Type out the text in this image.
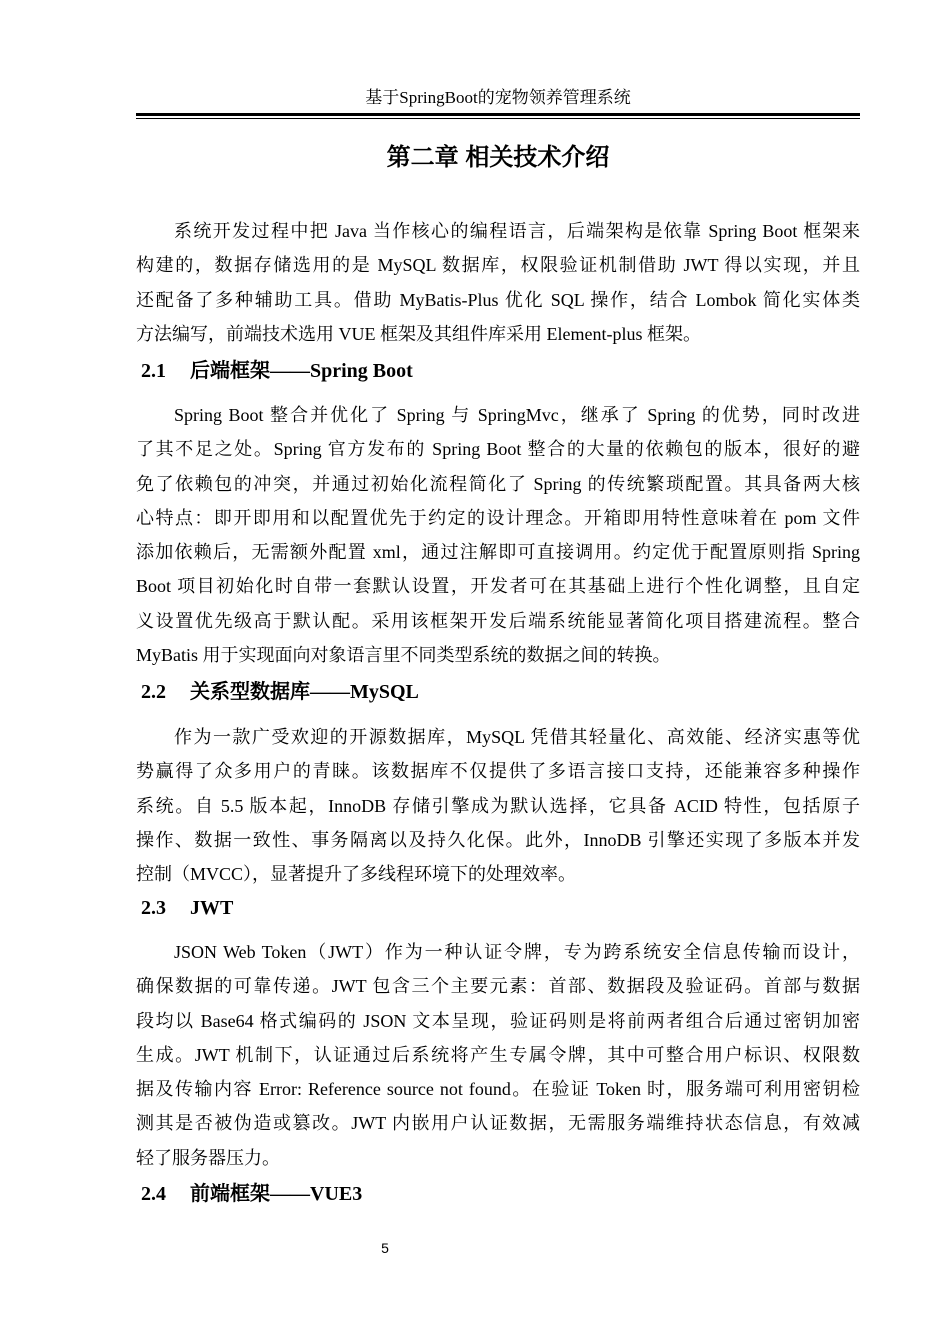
基于SpringBoot的宠物领养管理系统
第二章 相关技术介绍
系统开发过程中把 Java 当作核心的编程语言，后端架构是依靠 Spring Boot 框架来
构建的，数据存储选用的是 MySQL 数据库，权限验证机制借助 JWT 得以实现，并且
还配备了多种辅助工具。借助 MyBatis-Plus 优化 SQL 操作，结合 Lombok 简化实体类
方法编写，前端技术选用 VUE 框架及其组件库采用 Element-plus 框架。
2.1 后端框架——Spring Boot
Spring Boot 整合并优化了 Spring 与 SpringMvc，继承了 Spring 的优势，同时改进
了其不足之处。Spring 官方发布的 Spring Boot 整合的大量的依赖包的版本，很好的避
免了依赖包的冲突，并通过初始化流程简化了 Spring 的传统繁琐配置。其具备两大核
心特点：即开即用和以配置优先于约定的设计理念。开箱即用特性意味着在 pom 文件
添加依赖后，无需额外配置 xml，通过注解即可直接调用。约定优于配置原则指 Spring
Boot 项目初始化时自带一套默认设置，开发者可在其基础上进行个性化调整，且自定
义设置优先级高于默认配。采用该框架开发后端系统能显著简化项目搭建流程。整合
MyBatis 用于实现面向对象语言里不同类型系统的数据之间的转换。
2.2 关系型数据库——MySQL
作为一款广受欢迎的开源数据库，MySQL 凭借其轻量化、高效能、经济实惠等优
势赢得了众多用户的青睐。该数据库不仅提供了多语言接口支持，还能兼容多种操作
系统。自 5.5 版本起，InnoDB 存储引擎成为默认选择，它具备 ACID 特性，包括原子
操作、数据一致性、事务隔离以及持久化保。此外，InnoDB 引擎还实现了多版本并发
控制（MVCC），显著提升了多线程环境下的处理效率。
2.3 JWT
JSON Web Token（JWT）作为一种认证令牌，专为跨系统安全信息传输而设计，
确保数据的可靠传递。JWT 包含三个主要元素：首部、数据段及验证码。首部与数据
段均以 Base64 格式编码的 JSON 文本呈现，验证码则是将前两者组合后通过密钥加密
生成。JWT 机制下，认证通过后系统将产生专属令牌，其中可整合用户标识、权限数
据及传输内容 Error: Reference source not found。在验证 Token 时，服务端可利用密钥检
测其是否被伪造或篡改。JWT 内嵌用户认证数据，无需服务端维持状态信息，有效减
轻了服务器压力。
2.4 前端框架——VUE3
5
